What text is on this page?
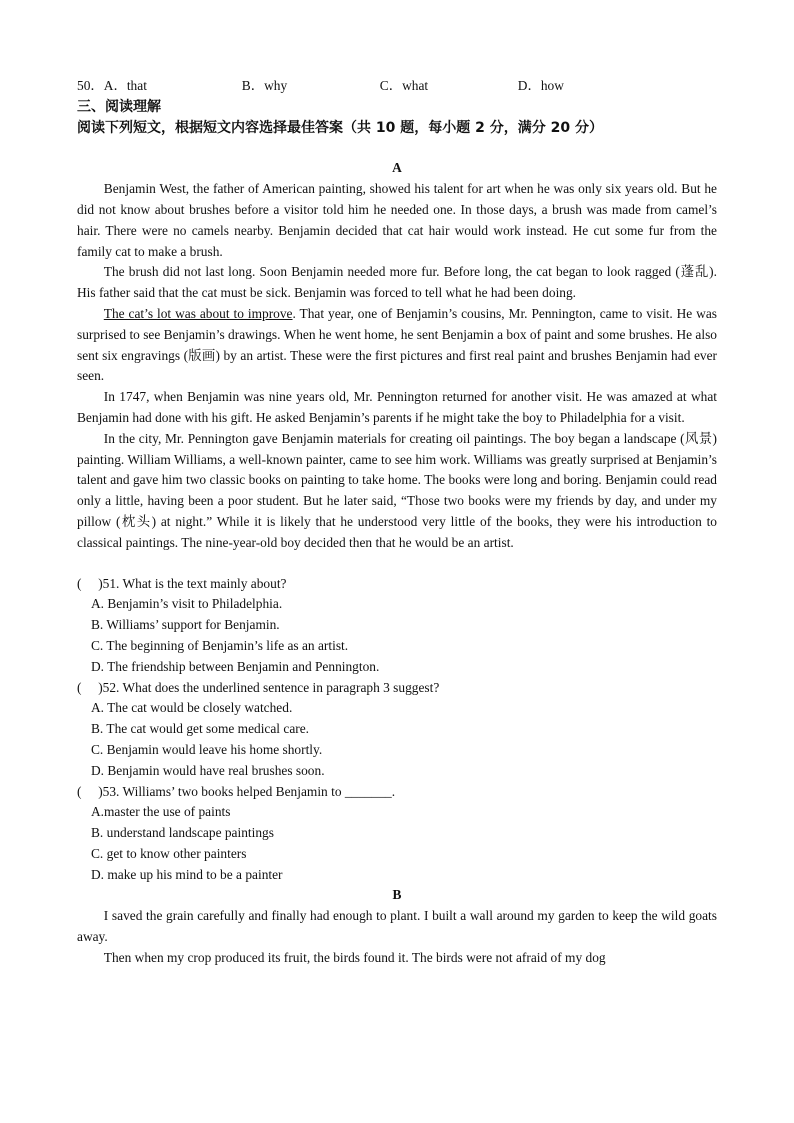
50． A．that	B．why	C．what	D．how
三、阅读理解
阅读下列短文，根据短文内容选择最佳答案（共 10 题，每小题 2 分，满分 20 分）
A

Benjamin West, the father of American painting, showed his talent for art when he was only six years old. But he did not know about brushes before a visitor told him he needed one. In those days, a brush was made from camel’s hair. There were no camels nearby. Benjamin decided that cat hair would work instead. He cut some fur from the family cat to make a brush.

The brush did not last long. Soon Benjamin needed more fur. Before long, the cat began to look ragged (蓬乱). His father said that the cat must be sick. Benjamin was forced to tell what he had been doing.

The cat’s lot was about to improve. That year, one of Benjamin’s cousins, Mr. Pennington, came to visit. He was surprised to see Benjamin’s drawings. When he went home, he sent Benjamin a box of paint and some brushes. He also sent six engravings (版画) by an artist. These were the first pictures and first real paint and brushes Benjamin had ever seen.

In 1747, when Benjamin was nine years old, Mr. Pennington returned for another visit. He was amazed at what Benjamin had done with his gift. He asked Benjamin’s parents if he might take the boy to Philadelphia for a visit.

In the city, Mr. Pennington gave Benjamin materials for creating oil paintings. The boy began a landscape (风景) painting. William Williams, a well-known painter, came to see him work. Williams was greatly surprised at Benjamin’s talent and gave him two classic books on painting to take home. The books were long and boring. Benjamin could read only a little, having been a poor student. But he later said, “Those two books were my friends by day, and under my pillow (枕头) at night.” While it is likely that he understood very little of the books, they were his introduction to classical paintings. The nine-year-old boy decided then that he would be an artist.

(     )51. What is the text mainly about?
A. Benjamin’s visit to Philadelphia.
B. Williams’ support for Benjamin.
C. The beginning of Benjamin’s life as an artist.
D. The friendship between Benjamin and Pennington.
(     )52. What does the underlined sentence in paragraph 3 suggest?
A. The cat would be closely watched.
B. The cat would get some medical care.
C. Benjamin would leave his home shortly.
D. Benjamin would have real brushes soon.
(     )53. Williams’ two books helped Benjamin to _______.
A.master the use of paints
B. understand landscape paintings
C. get to know other painters
D. make up his mind to be a painter
B

I saved the grain carefully and finally had enough to plant. I built a wall around my garden to keep the wild goats away.

Then when my crop produced its fruit, the birds found it. The birds were not afraid of my dog
